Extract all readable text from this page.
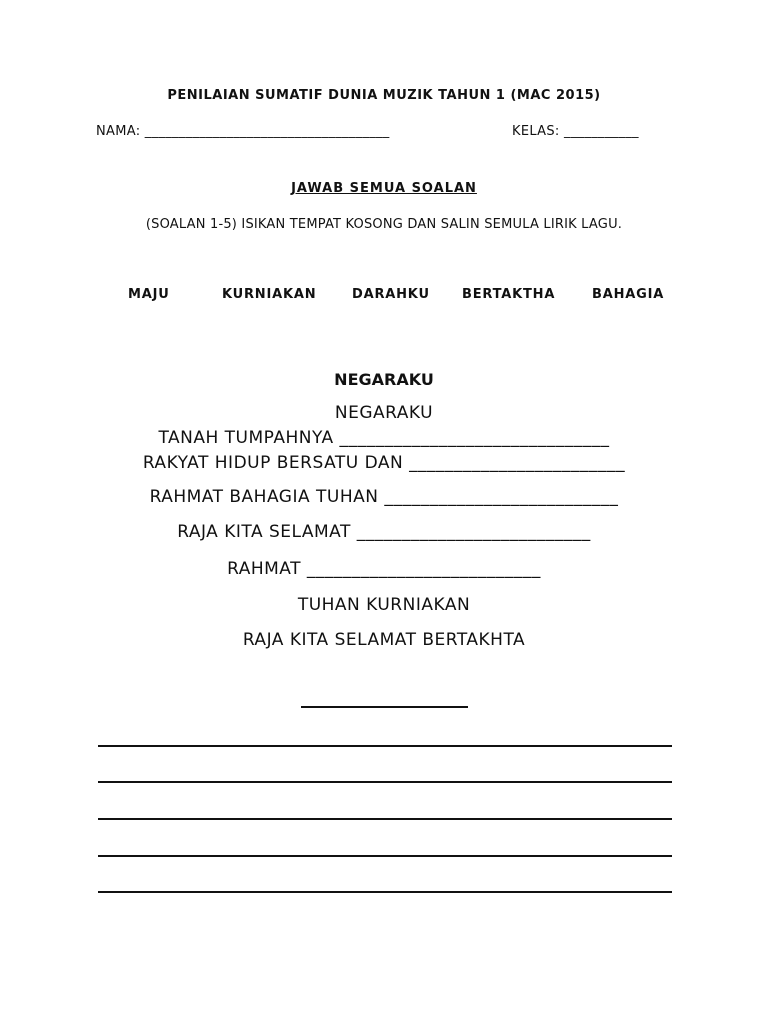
PENILAIAN SUMATIF DUNIA MUZIK TAHUN 1 (MAC 2015)
NAMA: ____________________________________	KELAS: ___________
JAWAB SEMUA SOALAN
(SOALAN 1-5) ISIKAN TEMPAT KOSONG DAN SALIN SEMULA LIRIK LAGU.
MAJU	KURNIAKAN	DARAHKU BERTAKTHA	BAHAGIA
NEGARAKU
NEGARAKU
TANAH TUMPAHNYA ______________________________
RAKYAT HIDUP BERSATU DAN ________________________
RAHMAT BAHAGIA TUHAN __________________________
RAJA KITA SELAMAT __________________________
RAHMAT __________________________
TUHAN KURNIAKAN
RAJA KITA SELAMAT BERTAKHTA
